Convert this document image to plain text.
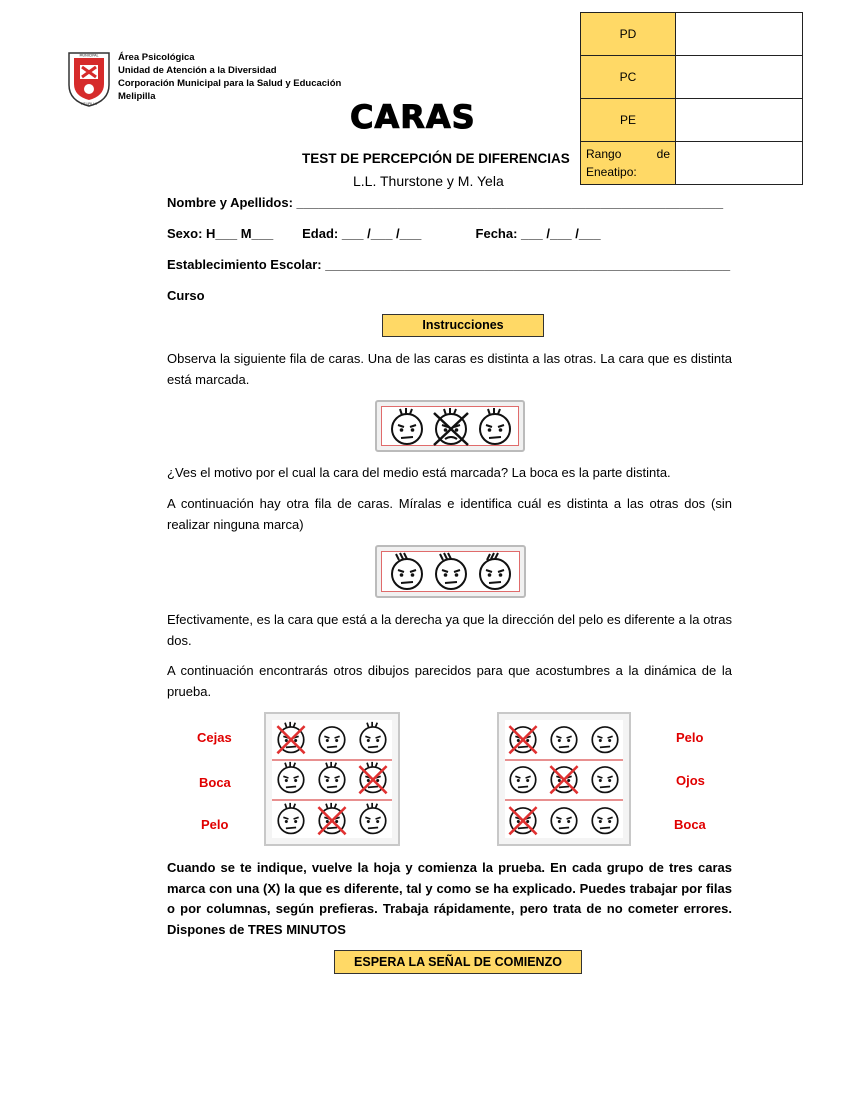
MUNICIPAL
MELIPILLA
Área Psicológica
Unidad de Atención a la Diversidad
Corporación Municipal para la Salud y Educación
Melipilla
PD	
PC	
PE	
Rango de Eneatipo:	
CARAS
TEST DE PERCEPCIÓN DE DIFERENCIAS
L.L. Thurstone y M. Yela
Nombre y Apellidos: ___________________________________________________________
Sexo: H___ M___        Edad: ___ /___ /___               Fecha: ___ /___ /___
Establecimiento Escolar: ________________________________________________________
Curso
Instrucciones
Observa la siguiente fila de caras. Una de las caras es distinta a las otras. La cara que es distinta está marcada.
¿Ves el motivo por el cual la cara del medio está marcada? La boca es la parte distinta.
A continuación hay otra fila de caras. Míralas e identifica cuál es distinta a las otras dos (sin realizar ninguna marca)
Efectivamente, es la cara que está a la derecha ya que la dirección del pelo es diferente a la otras dos.
A continuación encontrarás otros dibujos parecidos para que acostumbres a la dinámica de la prueba.
Cejas
Boca
Pelo
Pelo
Ojos
Boca
Cuando se te indique, vuelve la hoja y comienza la prueba. En cada grupo de tres caras marca con una (X) la que es diferente, tal y como se ha explicado. Puedes trabajar por filas o por columnas, según prefieras. Trabaja rápidamente, pero trata de no cometer errores. Dispones de TRES MINUTOS
ESPERA LA SEÑAL DE COMIENZO
